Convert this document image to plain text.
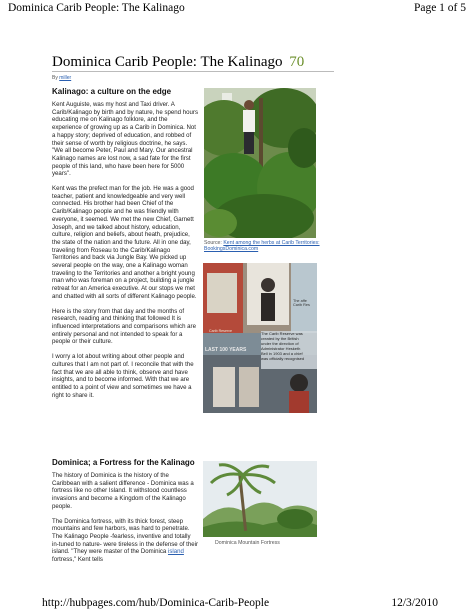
Dominica Carib People: The Kalinago	Page 1 of 5
Dominica Carib People: The Kalinago 70
By miller
Kalinago: a culture on the edge

Kent Auguiste, was my host and Taxi driver. A Carib/Kalinago by birth and by nature, he spend hours educating me on Kalinago folklore, and the experience of growing up as a Carib in Dominica. Not a happy story; deprived of education, and robbed of their sense of worth by religious doctrine, he says. "We all become Peter, Paul and Mary. Our ancestral Kalinago names are lost now, a sad fate for the first people of this land, who have been here for 5000 years".

Kent was the prefect man for the job. He was a good teacher, patient and knowledgeable and very well connected. His brother had been Chief of the Carib/Kalinago people and he was friendly with everyone, it seemed. We met the new Chief, Garnett Joseph, and we talked about history, education, culture, religion and beliefs, about heath, prejudice, the state of the nation and the future. All in one day, traveling from Roseau to the Carib/Kalinago Territories and back via Jungle Bay. We picked up several people on the way, one a Kalinago woman traveling to the Territories and another a bright young man who was foreman on a project, building a jungle retreat for an America executive. At our stops we met and chatted with all sorts of different Kalinago people.

Here is the story from that day and the months of research, reading and thinking that followed It is influenced interpretations and comparisons which are entirely personal and not intended to speak for a people or their culture.

I worry a lot about writing about other people and cultures that I am not part of. I reconcile that with the fact that we are all able to think, observe and have insights, and to become informed. With that we are entitled to a point of view and sometimes we have a right to share it.

Source: Kent among the herbs at Carib Territories: BookingsDominica.com
The Carib Reserve was
created by the British
under the direction of
Administrator Hesketh
Bell in 1903 and a chief
was officially recognised
LAST 100 YEARS
The affe Carib Res
Carib Reserve
Dominica; a Fortress for the Kalinago

The history of Dominica is the history of the Caribbean with a salient difference - Dominica was a fortress like no other Island. It withstood countless invasions and become a Kingdom of the Kalinago people.

The Dominica fortress, with its thick forest, steep mountains and few harbors, was hard to penetrate. The Kalinago People -fearless, inventive and totally in-tuned to nature- were tireless in the defense of their island. "They were master of the Dominica island fortress," Kent tells

Dominica Mountain Fortress
http://hubpages.com/hub/Dominica-Carib-People	12/3/2010
